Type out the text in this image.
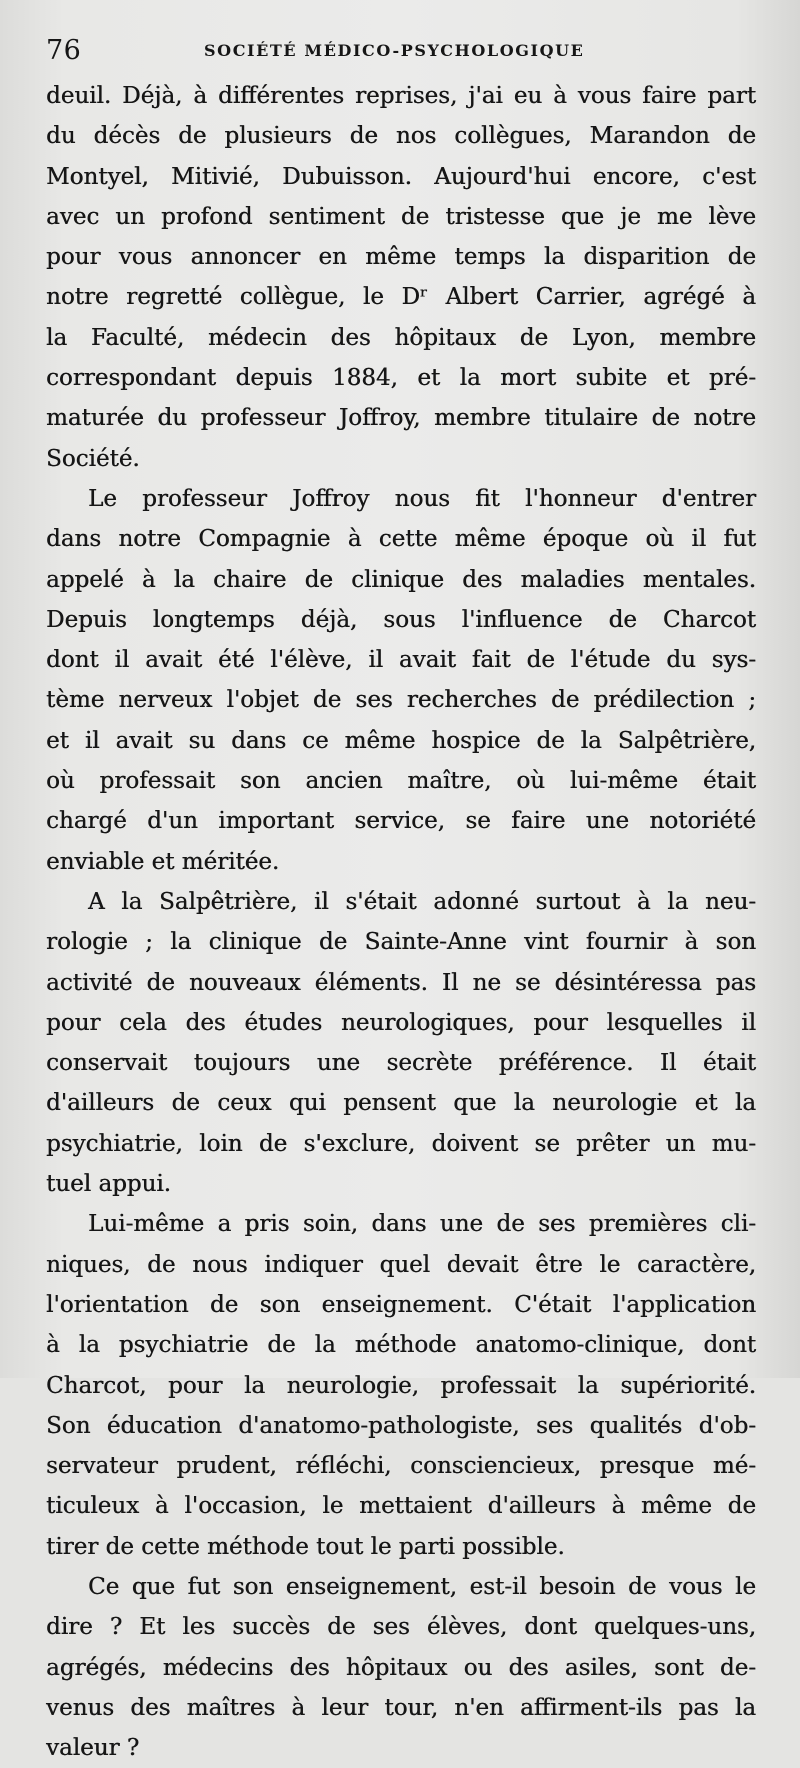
76	SOCIÉTÉ MÉDICO-PSYCHOLOGIQUE
deuil. Déjà, à différentes reprises, j'ai eu à vous faire part
du décès de plusieurs de nos collègues, Marandon de
Montyel, Mitivié, Dubuisson. Aujourd'hui encore, c'est
avec un profond sentiment de tristesse que je me lève
pour vous annoncer en même temps la disparition de
notre regretté collègue, le Dʳ Albert Carrier, agrégé à
la Faculté, médecin des hôpitaux de Lyon, membre
correspondant depuis 1884, et la mort subite et pré-
maturée du professeur Joffroy, membre titulaire de notre
Société.
Le professeur Joffroy nous fit l'honneur d'entrer
dans notre Compagnie à cette même époque où il fut
appelé à la chaire de clinique des maladies mentales.
Depuis longtemps déjà, sous l'influence de Charcot
dont il avait été l'élève, il avait fait de l'étude du sys-
tème nerveux l'objet de ses recherches de prédilection ;
et il avait su dans ce même hospice de la Salpêtrière,
où professait son ancien maître, où lui-même était
chargé d'un important service, se faire une notoriété
enviable et méritée.
A la Salpêtrière, il s'était adonné surtout à la neu-
rologie ; la clinique de Sainte-Anne vint fournir à son
activité de nouveaux éléments. Il ne se désintéressa pas
pour cela des études neurologiques, pour lesquelles il
conservait toujours une secrète préférence. Il était
d'ailleurs de ceux qui pensent que la neurologie et la
psychiatrie, loin de s'exclure, doivent se prêter un mu-
tuel appui.
Lui-même a pris soin, dans une de ses premières cli-
niques, de nous indiquer quel devait être le caractère,
l'orientation de son enseignement. C'était l'application
à la psychiatrie de la méthode anatomo-clinique, dont
Charcot, pour la neurologie, professait la supériorité.
Son éducation d'anatomo-pathologiste, ses qualités d'ob-
servateur prudent, réfléchi, consciencieux, presque mé-
ticuleux à l'occasion, le mettaient d'ailleurs à même de
tirer de cette méthode tout le parti possible.
Ce que fut son enseignement, est-il besoin de vous le
dire ? Et les succès de ses élèves, dont quelques-uns,
agrégés, médecins des hôpitaux ou des asiles, sont de-
venus des maîtres à leur tour, n'en affirment-ils pas la
valeur ?
